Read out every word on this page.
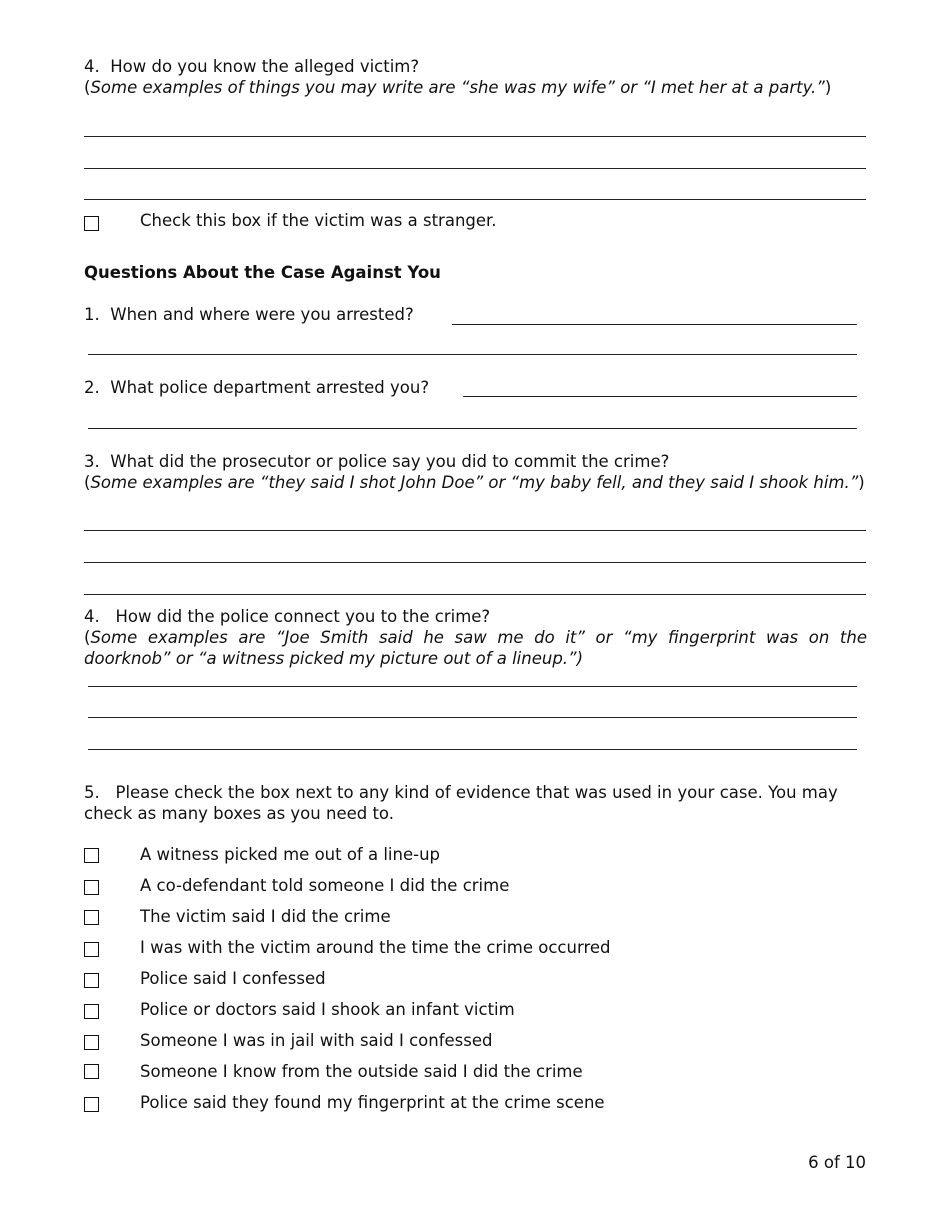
4. How do you know the alleged victim?
(Some examples of things you may write are “she was my wife” or “I met her at a party.”)
Check this box if the victim was a stranger.
Questions About the Case Against You
1. When and where were you arrested?
2. What police department arrested you?
3. What did the prosecutor or police say you did to commit the crime?
(Some examples are “they said I shot John Doe” or “my baby fell, and they said I shook him.”)
4. How did the police connect you to the crime?
(Some examples are “Joe Smith said he saw me do it” or “my fingerprint was on the doorknob” or “a witness picked my picture out of a lineup.”)
5. Please check the box next to any kind of evidence that was used in your case. You may check as many boxes as you need to.
A witness picked me out of a line-up
A co-defendant told someone I did the crime
The victim said I did the crime
I was with the victim around the time the crime occurred
Police said I confessed
Police or doctors said I shook an infant victim
Someone I was in jail with said I confessed
Someone I know from the outside said I did the crime
Police said they found my fingerprint at the crime scene
6 of 10
